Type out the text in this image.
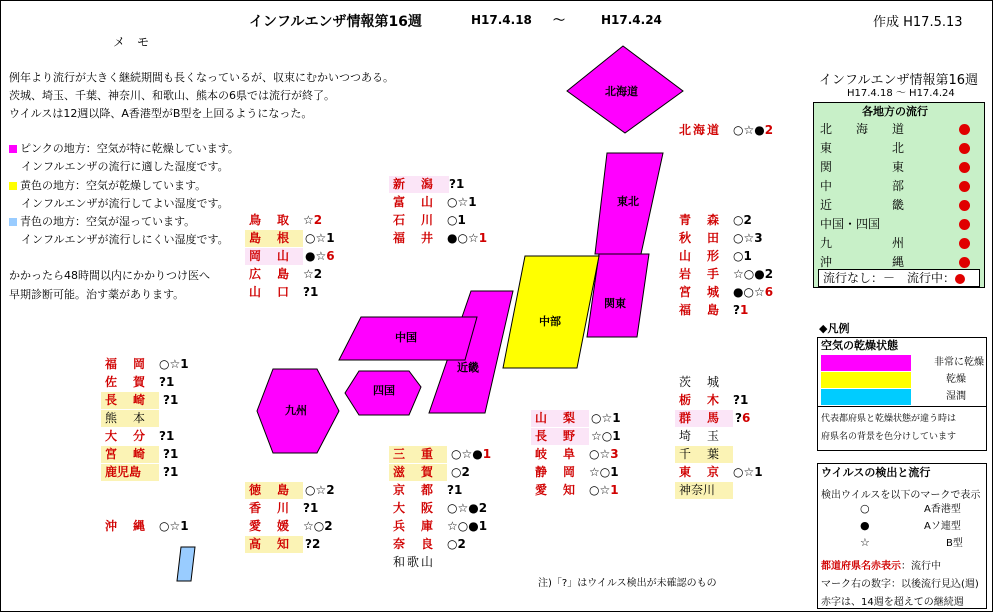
インフルエンザ情報第16週	H17.4.18 ～	H17.4.24	作成 H17.5.13
メ　モ
例年より流行が大きく継続期間も長くなっているが、収束にむかいつつある。
茨城、埼玉、千葉、神奈川、和歌山、熊本の6県では流行が終了。
ウイルスは12週以降、A香港型がB型を上回るようになった。
ピンクの地方：空気が特に乾燥しています。
インフルエンザの流行に適した湿度です。
黄色の地方：空気が乾燥しています。
インフルエンザが流行してよい湿度です。
青色の地方：空気が湿っています。
インフルエンザが流行しにくい湿度です。
かかったら48時間以内にかかりつけ医へ
早期診断可能。治す薬があります。
北海道
東北
関東
中部
近畿
中国
四国
九州
北海道 ○☆●2
青　森 ○2
秋　田 ○☆3
山　形 ○1
岩　手 ☆○●2
宮　城 ●○☆6
福　島 ?1
新　潟	?1
富　山 ○☆1
石　川 ○1
福　井 ●○☆1
鳥　取 ☆2
島　根	○☆1
岡　山	●☆6
広　島 ☆2
山　口 ?1
福　岡 ○☆1
佐　賀 ?1
長　崎	?1
熊　本
大　分 ?1
宮　崎	?1
鹿児島	?1
沖　縄 ○☆1
徳　島	○☆2
香　川 ?1
愛　媛 ☆○2
高　知	?2
三　重	○☆●1
滋　賀	○2
京　都 ?1
大　阪 ○☆●2
兵　庫 ☆○●1
奈　良 ○2
和歌山
山　梨	○☆1
長　野	☆○1
岐　阜 ○☆3
静　岡 ☆○1
愛　知 ○☆1
茨　城
栃　木 ?1
群　馬	?6
埼　玉
千　葉
東　京 ○☆1
神奈川
注)「?」はウイルス検出が未確認のもの
インフルエンザ情報第16週
H17.4.18 ～ H17.4.24
各地方の流行
北　　海　　道
東　　　　　北
関　　　　　東
中　　　　　部
近　　　　　畿
中国・四国
九　　　　　州
沖　　　　　縄
流行なし：－　流行中：
◆凡例
空気の乾燥状態
非常に乾燥
乾燥
湿潤
代表都府県と乾燥状態が違う時は
府県名の背景を色分けしています
ウイルスの検出と流行
検出ウイルスを以下のマークで表示
○	A香港型
●	Aソ連型
☆	B型
都道府県名赤表示：流行中
マーク右の数字：以後流行見込(週)
赤字は、14週を超えての継続週
